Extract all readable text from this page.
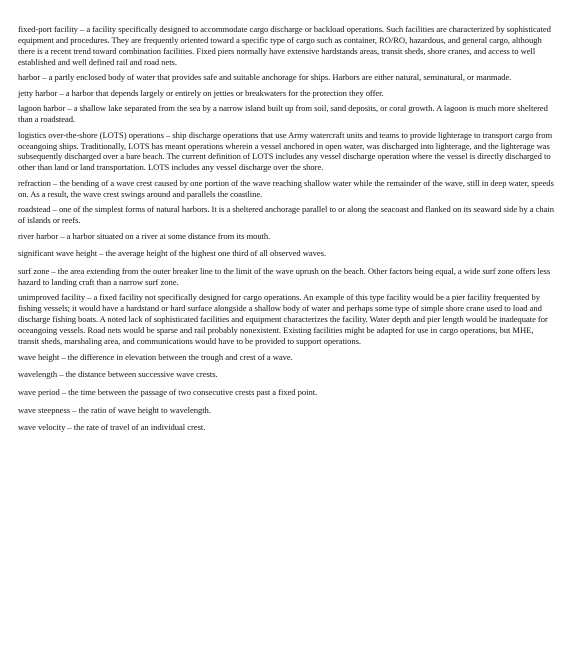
fixed-port facility – a facility specifically designed to accommodate cargo discharge or backload operations. Such facilities are characterized by sophisticated equipment and procedures. They are frequently oriented toward a specific type of cargo such as container, RO/RO, hazardous, and general cargo, although there is a recent trend toward combination facilities. Fixed piers normally have extensive hardstands areas, transit sheds, shore cranes, and access to well established and well defined rail and road nets.

harbor – a partly enclosed body of water that provides safe and suitable anchorage for ships. Harbors are either natural, seminatural, or manmade.

jetty harbor – a harbor that depends largely or entirely on jetties or breakwaters for the protection they offer.

lagoon harbor – a shallow lake separated from the sea by a narrow island built up from soil, sand deposits, or coral growth. A lagoon is much more sheltered than a roadstead.

logistics over-the-shore (LOTS) operations – ship discharge operations that use Army watercraft units and teams to provide lighterage to transport cargo from oceangoing ships. Traditionally, LOTS has meant operations wherein a vessel anchored in open water, was discharged into lighterage, and the lighterage was subsequently discharged over a bare beach. The current definition of LOTS includes any vessel discharge operation where the vessel is directly discharged to other than land or land transportation. LOTS includes any vessel discharge over the shore.

refraction – the bending of a wave crest caused by one portion of the wave reaching shallow water while the remainder of the wave, still in deep water, speeds on. As a result, the wave crest swings around and parallels the coastline.

roadstead – one of the simplest forms of natural harbors. It is a sheltered anchorage parallel to or along the seacoast and flanked on its seaward side by a chain of islands or reefs.

river harbor – a harbor situated on a river at some distance from its mouth.

significant wave height – the average height of the highest one third of all observed waves.

surf zone – the area extending from the outer breaker line to the limit of the wave uprush on the beach. Other factors being equal, a wide surf zone offers less hazard to landing craft than a narrow surf zone.

unimproved facility – a fixed facility not specifically designed for cargo operations. An example of this type facility would be a pier facility frequented by fishing vessels; it would have a hardstand or hard surface alongside a shallow body of water and perhaps some type of simple shore crane used to load and discharge fishing boats. A noted lack of sophisticated facilities and equipment characterizes the facility. Water depth and pier length would be inadequate for oceangoing vessels. Road nets would be sparse and rail probably nonexistent. Existing facilities might be adapted for use in cargo operations, but MHE, transit sheds, marshaling area, and communications would have to be provided to support operations.

wave height – the difference in elevation between the trough and crest of a wave.

wavelength – the distance between successive wave crests.

wave period – the time between the passage of two consecutive crests past a fixed point.

wave steepness – the ratio of wave height to wavelength.

wave velocity – the rate of travel of an individual crest.
